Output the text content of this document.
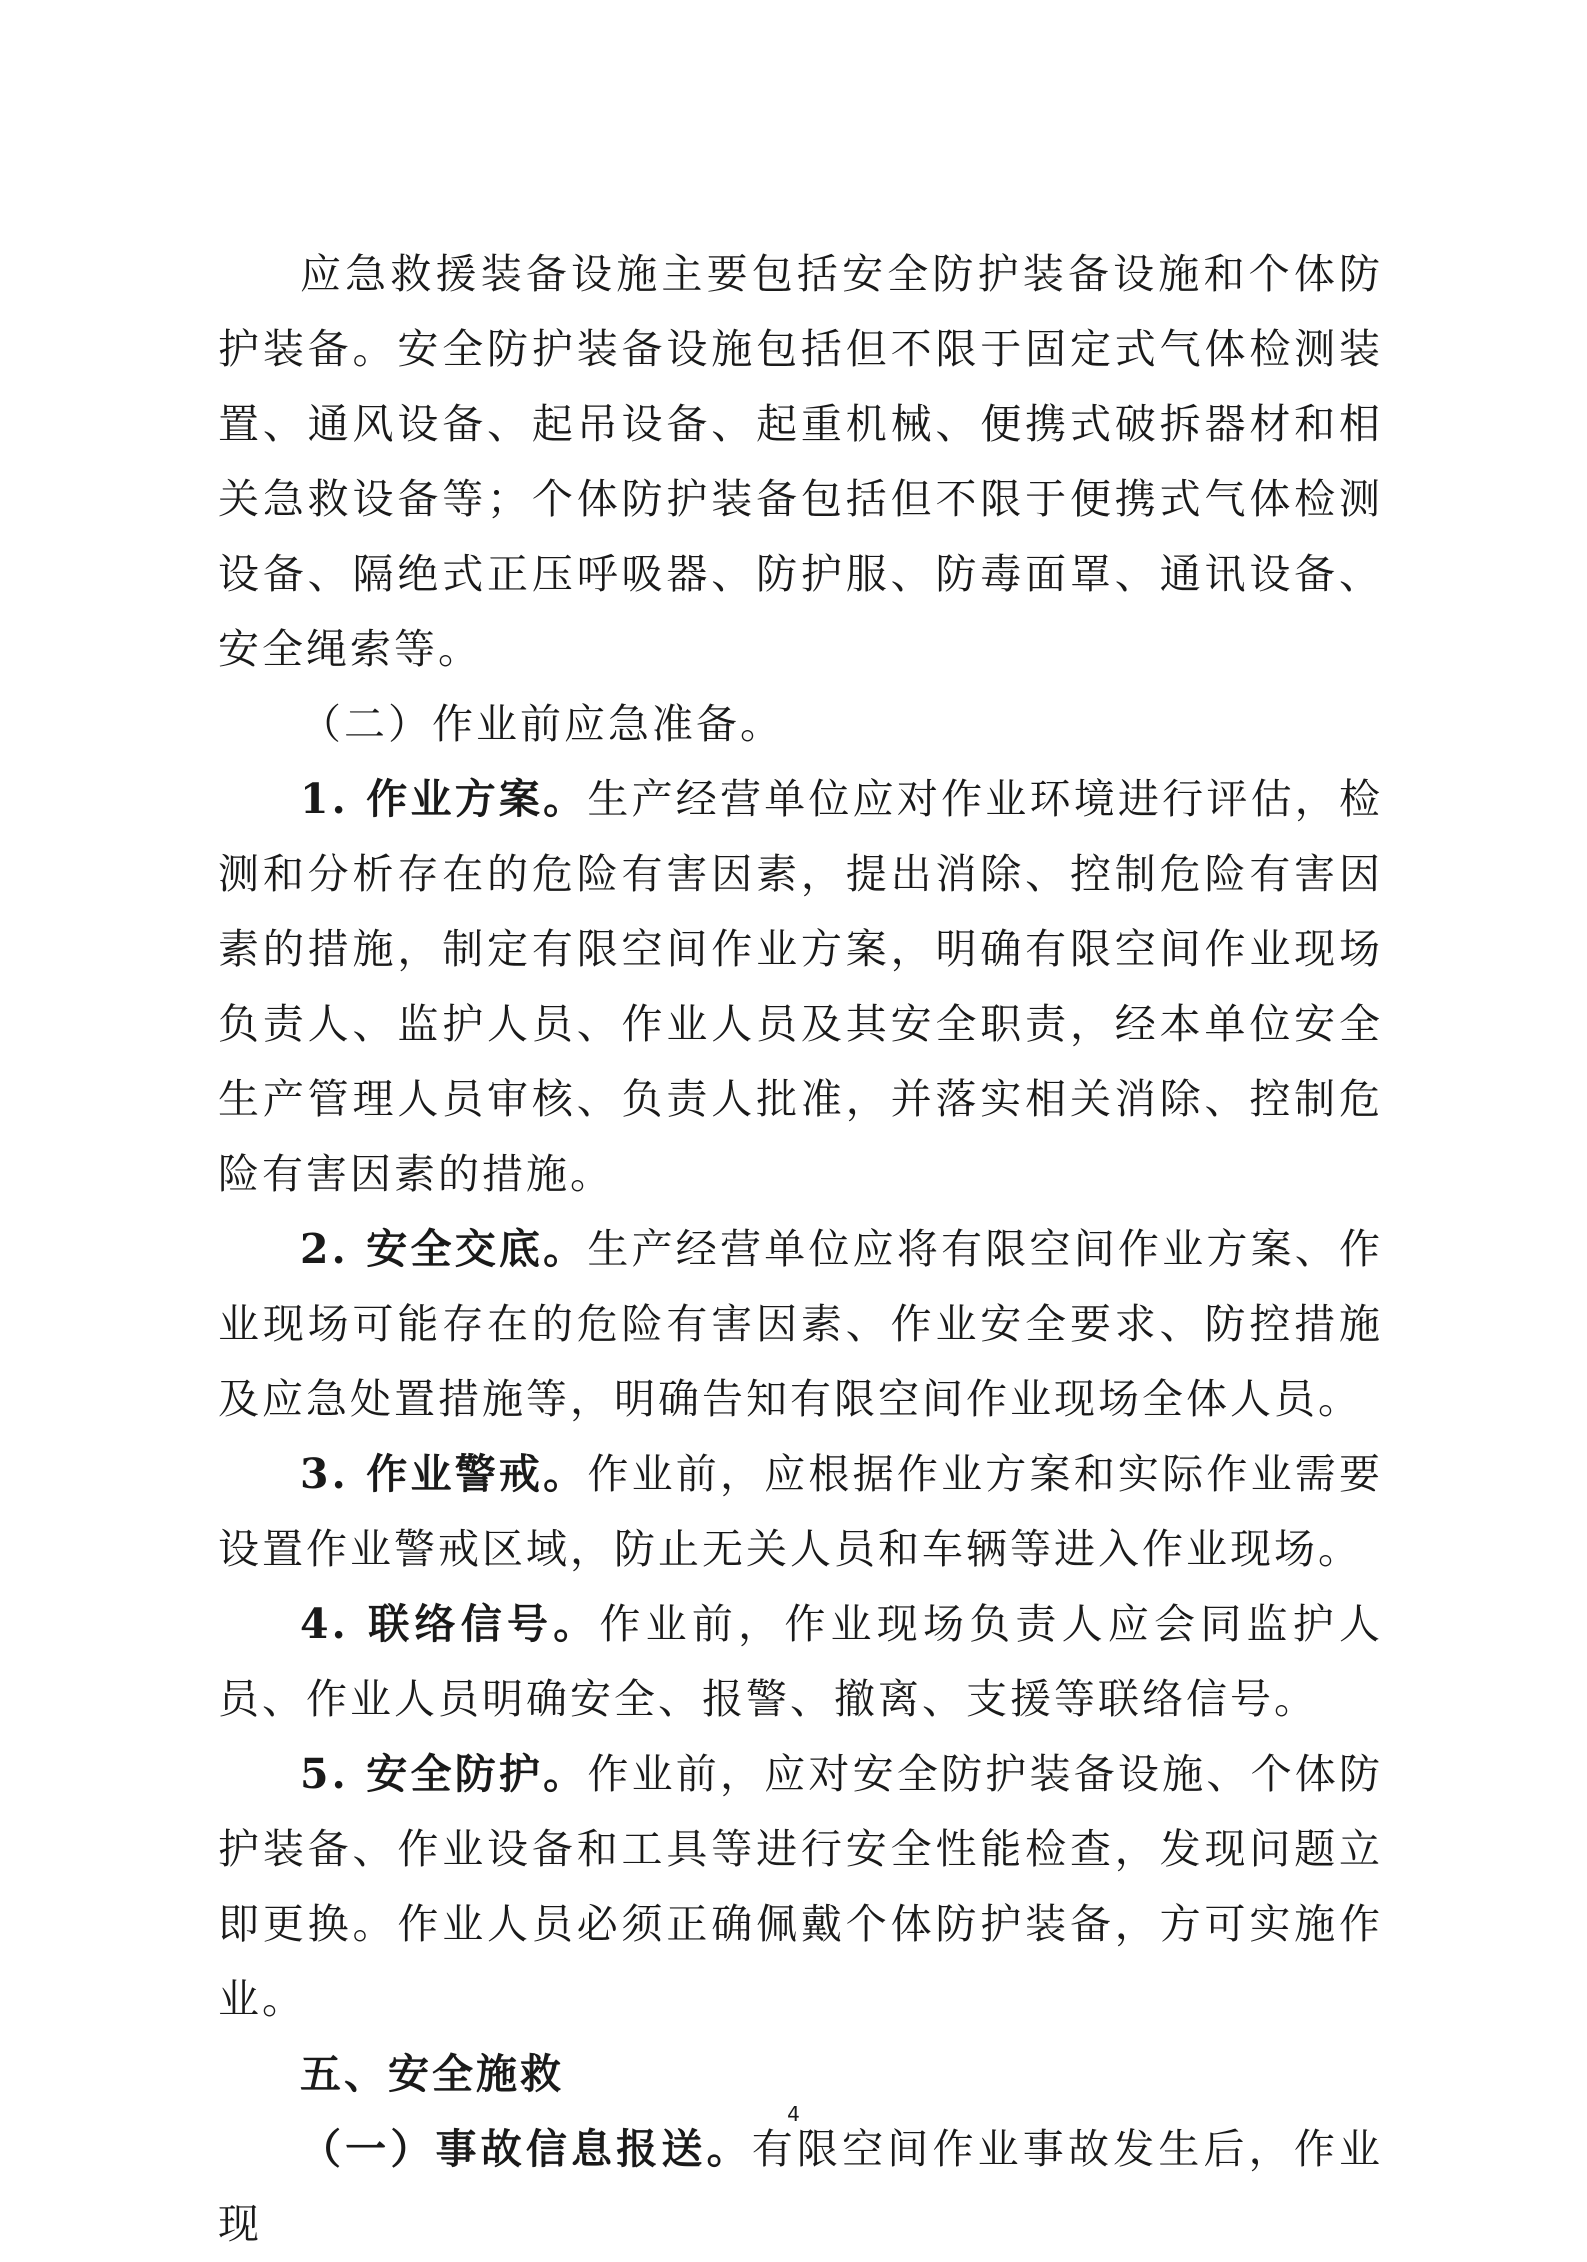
应急救援装备设施主要包括安全防护装备设施和个体防护装备。安全防护装备设施包括但不限于固定式气体检测装置、通风设备、起吊设备、起重机械、便携式破拆器材和相关急救设备等；个体防护装备包括但不限于便携式气体检测设备、隔绝式正压呼吸器、防护服、防毒面罩、通讯设备、安全绳索等。

（二）作业前应急准备。

1. 作业方案。生产经营单位应对作业环境进行评估，检测和分析存在的危险有害因素，提出消除、控制危险有害因素的措施，制定有限空间作业方案，明确有限空间作业现场负责人、监护人员、作业人员及其安全职责，经本单位安全生产管理人员审核、负责人批准，并落实相关消除、控制危险有害因素的措施。

2. 安全交底。生产经营单位应将有限空间作业方案、作业现场可能存在的危险有害因素、作业安全要求、防控措施及应急处置措施等，明确告知有限空间作业现场全体人员。

3. 作业警戒。作业前，应根据作业方案和实际作业需要设置作业警戒区域，防止无关人员和车辆等进入作业现场。

4. 联络信号。作业前，作业现场负责人应会同监护人员、作业人员明确安全、报警、撤离、支援等联络信号。

5. 安全防护。作业前，应对安全防护装备设施、个体防护装备、作业设备和工具等进行安全性能检查，发现问题立即更换。作业人员必须正确佩戴个体防护装备，方可实施作业。

五、安全施救

（一）事故信息报送。有限空间作业事故发生后，作业现

4
